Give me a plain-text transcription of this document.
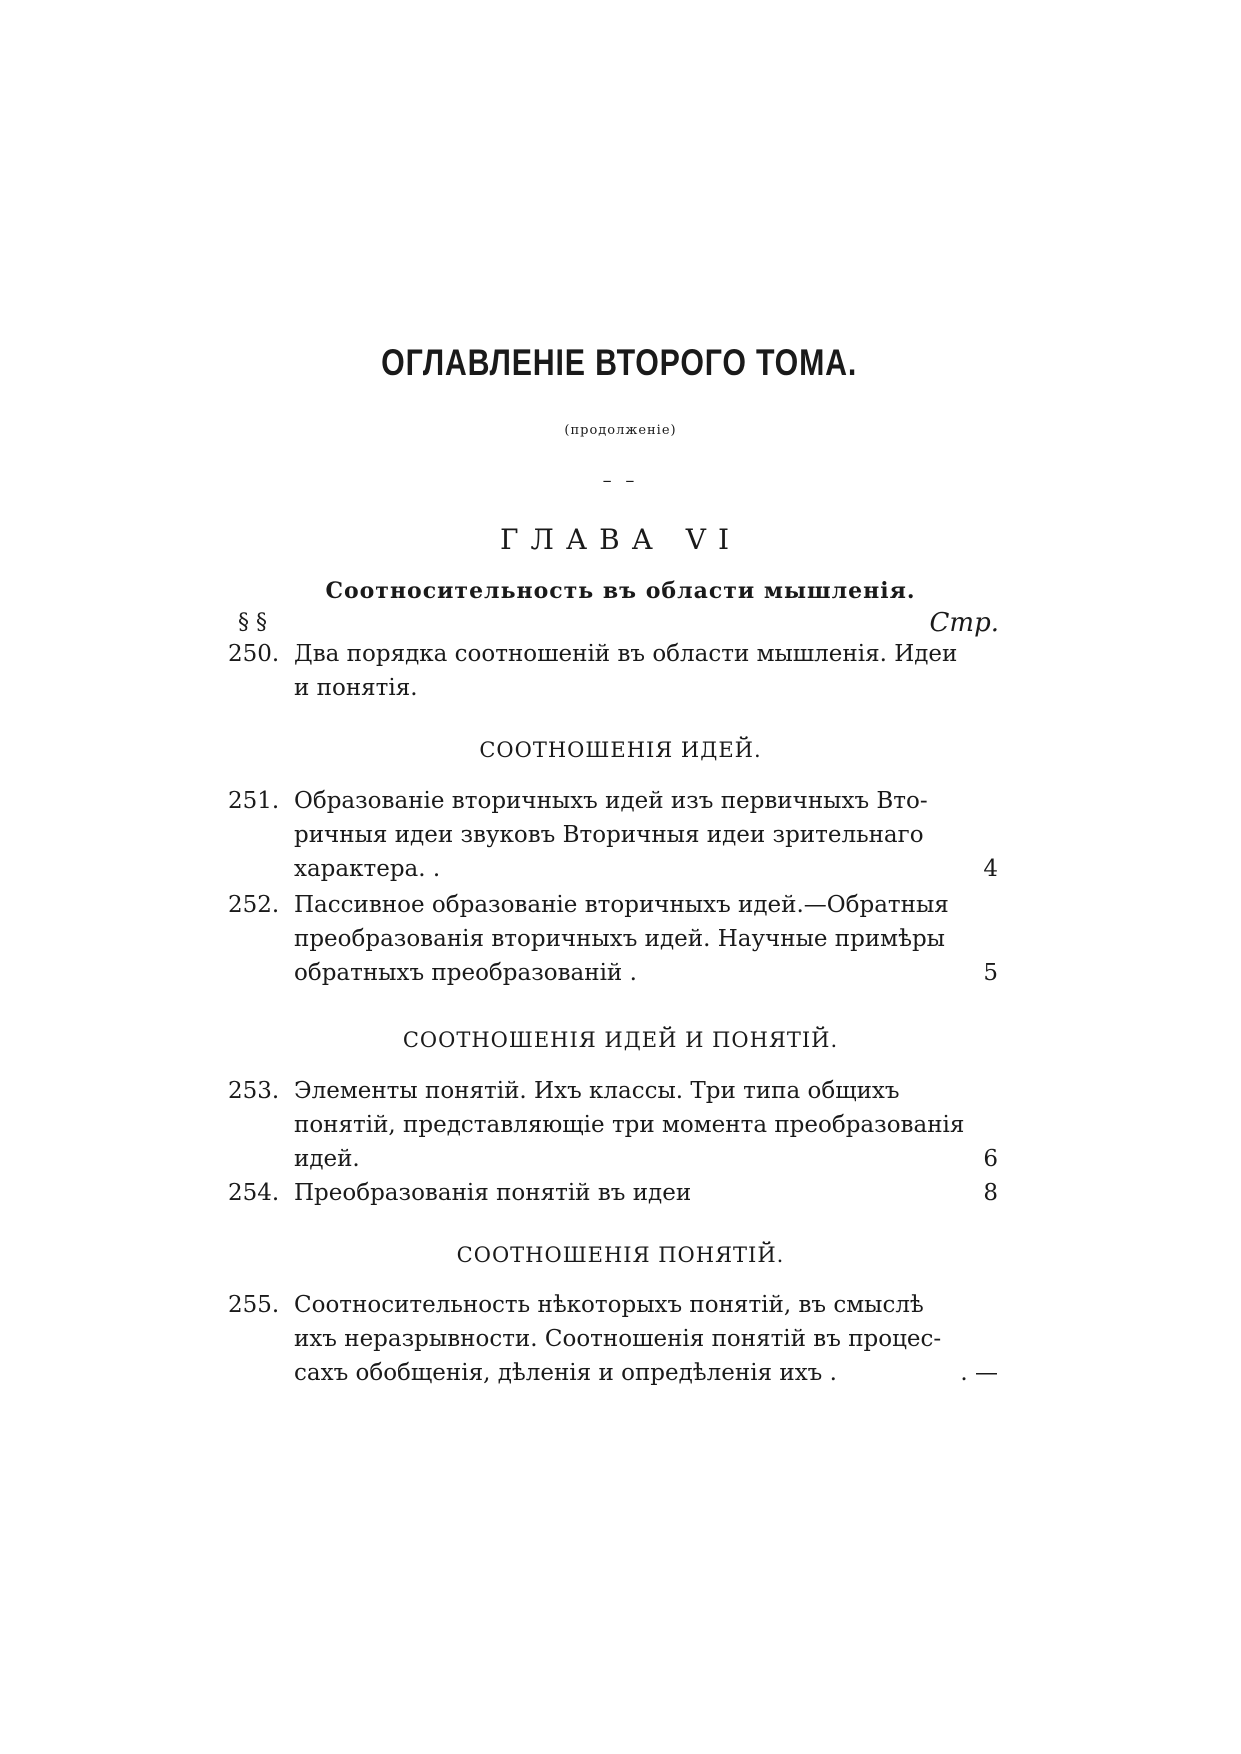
ОГЛАВЛЕНІЕ ВТОРОГО ТОМА.
(продолженіе)
– –
ГЛАВА VI
Соотносительность въ области мышленія.
§ §	Стр.
250. Два порядка соотношеній въ области мышленія. Идеи
и понятія.
СООТНОШЕНІЯ ИДЕЙ.
251. Образованіе вторичныхъ идей изъ первичныхъ Вто-
ричныя идеи звуковъ Вторичныя идеи зрительнаго
характера. .	4
252. Пассивное образованіе вторичныхъ идей.—Обратныя
преобразованія вторичныхъ идей. Научные примѣры
обратныхъ преобразованій .	5
СООТНОШЕНІЯ ИДЕЙ И ПОНЯТІЙ.
253. Элементы понятій. Ихъ классы. Три типа общихъ
понятій, представляющіе три момента преобразованія
идей.	6
254. Преобразованія понятій въ идеи	8
СООТНОШЕНІЯ ПОНЯТІЙ.
255. Соотносительность нѣкоторыхъ понятій, въ смыслѣ
ихъ неразрывности. Соотношенія понятій въ процес-
сахъ обобщенія, дѣленія и опредѣленія ихъ .	. —
